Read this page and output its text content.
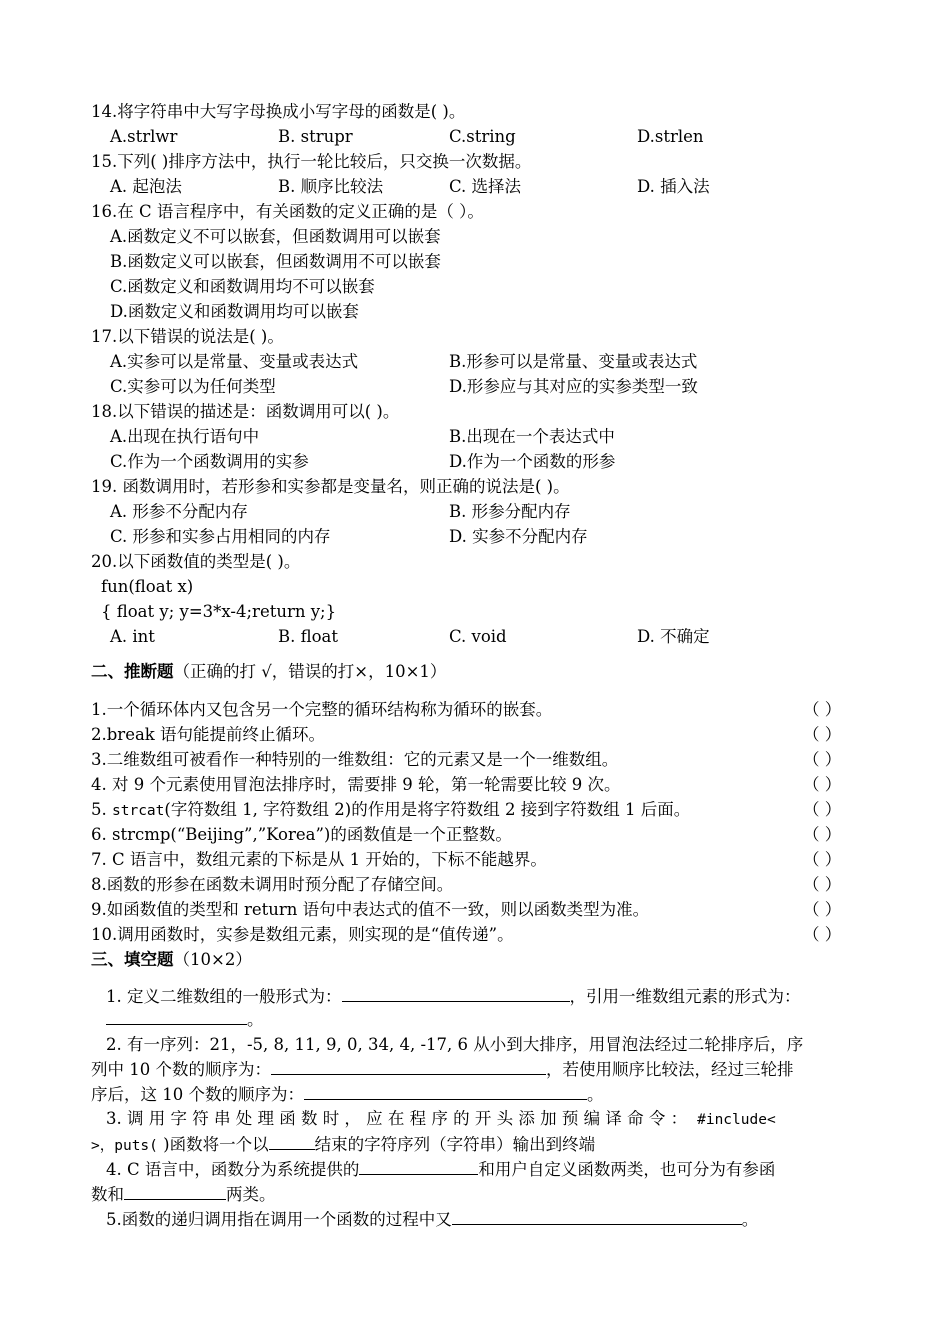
14.将字符串中大写字母换成小写字母的函数是( )。
A.strlwr	B. strupr	C.string	D.strlen
15.下列( )排序方法中，执行一轮比较后，只交换一次数据。
A. 起泡法	B. 顺序比较法	C. 选择法	D. 插入法
16.在 C 语言程序中，有关函数的定义正确的是（ ）。
A.函数定义不可以嵌套，但函数调用可以嵌套
B.函数定义可以嵌套，但函数调用不可以嵌套
C.函数定义和函数调用均不可以嵌套
D.函数定义和函数调用均可以嵌套
17.以下错误的说法是( )。
A.实参可以是常量、变量或表达式	B.形参可以是常量、变量或表达式
C.实参可以为任何类型	D.形参应与其对应的实参类型一致
18.以下错误的描述是：函数调用可以( )。
A.出现在执行语句中	B.出现在一个表达式中
C.作为一个函数调用的实参	D.作为一个函数的形参
19. 函数调用时，若形参和实参都是变量名，则正确的说法是( )。
A. 形参不分配内存	B. 形参分配内存
C. 形参和实参占用相同的内存	D. 实参不分配内存
20.以下函数值的类型是( )。
fun(float x)
{ float y; y=3*x-4;return y;}
A. int	B. float	C. void	D. 不确定
二、推断题（正确的打 √，错误的打×，10×1）
1.一个循环体内又包含另一个完整的循环结构称为循环的嵌套。	（ ）
2.break 语句能提前终止循环。	（ ）
3.二维数组可被看作一种特别的一维数组：它的元素又是一个一维数组。	（ ）
4. 对 9 个元素使用冒泡法排序时，需要排 9 轮，第一轮需要比较 9 次。	（ ）
5. strcat(字符数组 1, 字符数组 2)的作用是将字符数组 2 接到字符数组 1 后面。	（ ）
6. strcmp(“Beijing”,”Korea”)的函数值是一个正整数。	（ ）
7. C 语言中，数组元素的下标是从 1 开始的，下标不能越界。	（ ）
8.函数的形参在函数未调用时预分配了存储空间。	（ ）
9.如函数值的类型和 return 语句中表达式的值不一致，则以函数类型为准。	（ ）
10.调用函数时，实参是数组元素，则实现的是“值传递”。	（ ）
三、填空题（10×2）
1. 定义二维数组的一般形式为：	，引用一维数组元素的形式为：
。
2. 有一序列：21，-5, 8, 11, 9, 0, 34, 4, -17, 6 从小到大排序，用冒泡法经过二轮排序后，序
列中 10 个数的顺序为：	，若使用顺序比较法，经过三轮排
序后，这 10 个数的顺序为：	。
3. 调 用 字 符 串 处 理 函 数 时 ， 应 在 程 序 的 开 头 添 加 预 编 译 命 令 ： #include<
>，puts( )函数将一个以	结束的字符序列（字符串）输出到终端
4. C 语言中，函数分为系统提供的	和用户自定义函数两类，也可分为有参函
数和	两类。
5.函数的递归调用指在调用一个函数的过程中又	。
